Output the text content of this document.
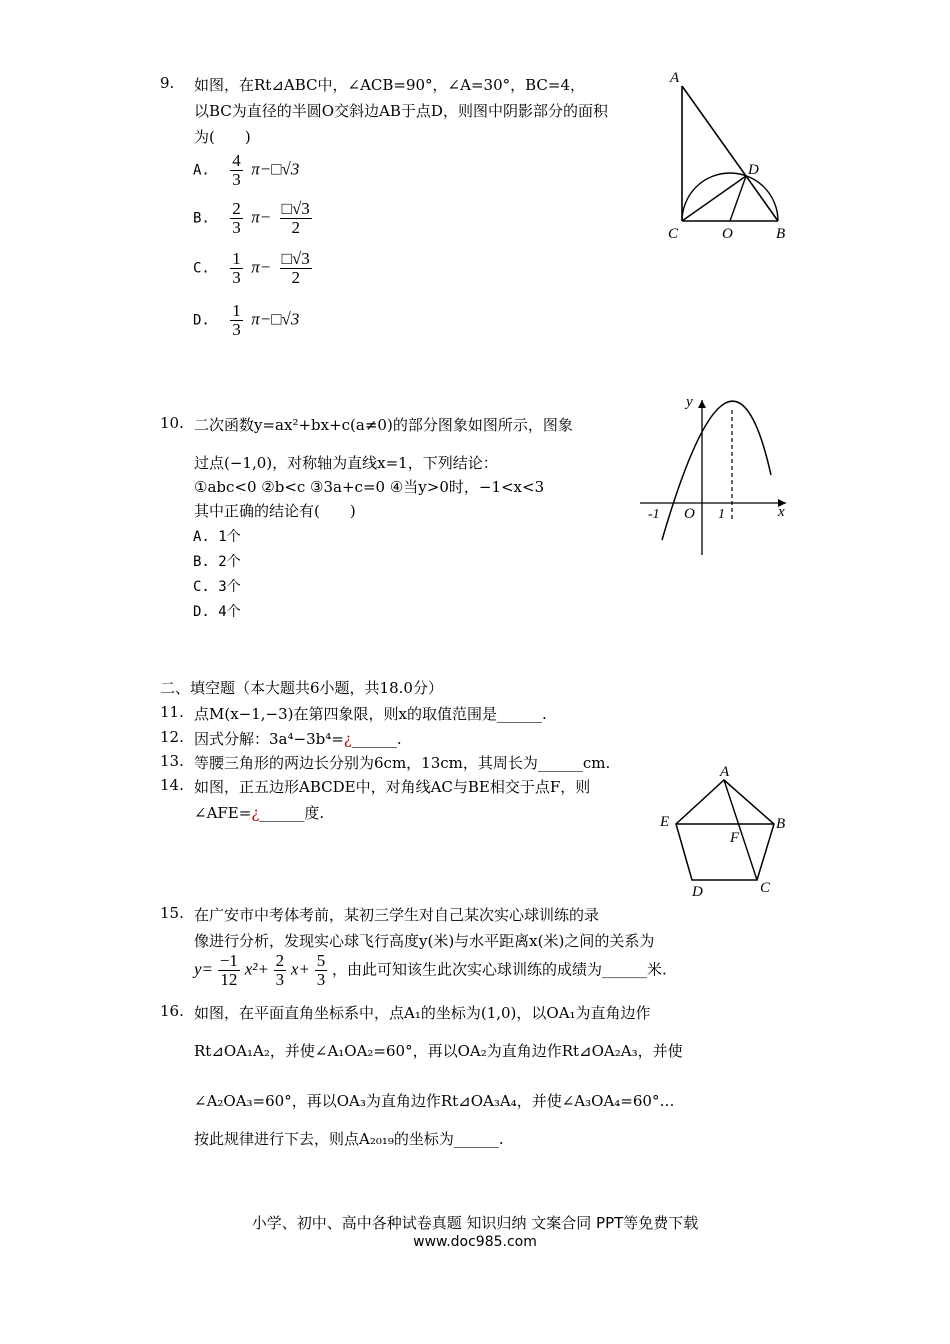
9. 如图，在Rt⊿ABC中，∠ACB=90°，∠A=30°，BC=4，
以BC为直径的半圆O交斜边AB于点D，则图中阴影部分的面积
为(　　)
A. $\frac{4}{3}$ π−□√3
B. $\frac{2}{3} \pi- \frac{□√3}{2}$
C. $\frac{1}{3} \pi- \frac{□√3}{2}$
D. $\frac{1}{3}$ π−□√3
A
D
C	O	B
10. 二次函数y=ax²+bx+c(a≠0)的部分图象如图所示，图象
过点(−1,0)，对称轴为直线x=1，下列结论：
①abc<0 ②b<c ③3a+c=0 ④当y>0时，−1<x<3
其中正确的结论有(　　)
A. 1个
B. 2个
C. 3个
D. 4个
y
x
-1 O 1
二、填空题（本大题共6小题，共18.0分）
11. 点M(x−1,−3)在第四象限，则x的取值范围是______.
12. 因式分解：3a⁴−3b⁴=¿______.
13. 等腰三角形的两边长分别为6cm，13cm，其周长为______cm.
14. 如图，正五边形ABCDE中，对角线AC与BE相交于点F，则
∠AFE=¿______度.
A
B
C
D
E
F
15. 在广安市中考体考前，某初三学生对自己某次实心球训练的录
像进行分析，发现实心球飞行高度y(米)与水平距离x(米)之间的关系为
$y= \frac{-1}{12} x^2+ \frac{2}{3} x+ \frac{5}{3}$ ，由此可知该生此次实心球训练的成绩为______米.
16. 如图，在平面直角坐标系中，点A₁的坐标为(1,0)，以OA₁为直角边作
Rt⊿OA₁A₂，并使∠A₁OA₂=60°，再以OA₂为直角边作Rt⊿OA₂A₃，并使
∠A₂OA₃=60°，再以OA₃为直角边作Rt⊿OA₃A₄，并使∠A₃OA₄=60°…
按此规律进行下去，则点A₂₀₁₉的坐标为______.
小学、初中、高中各种试卷真题 知识归纳 文案合同 PPT等免费下载
www.doc985.com
